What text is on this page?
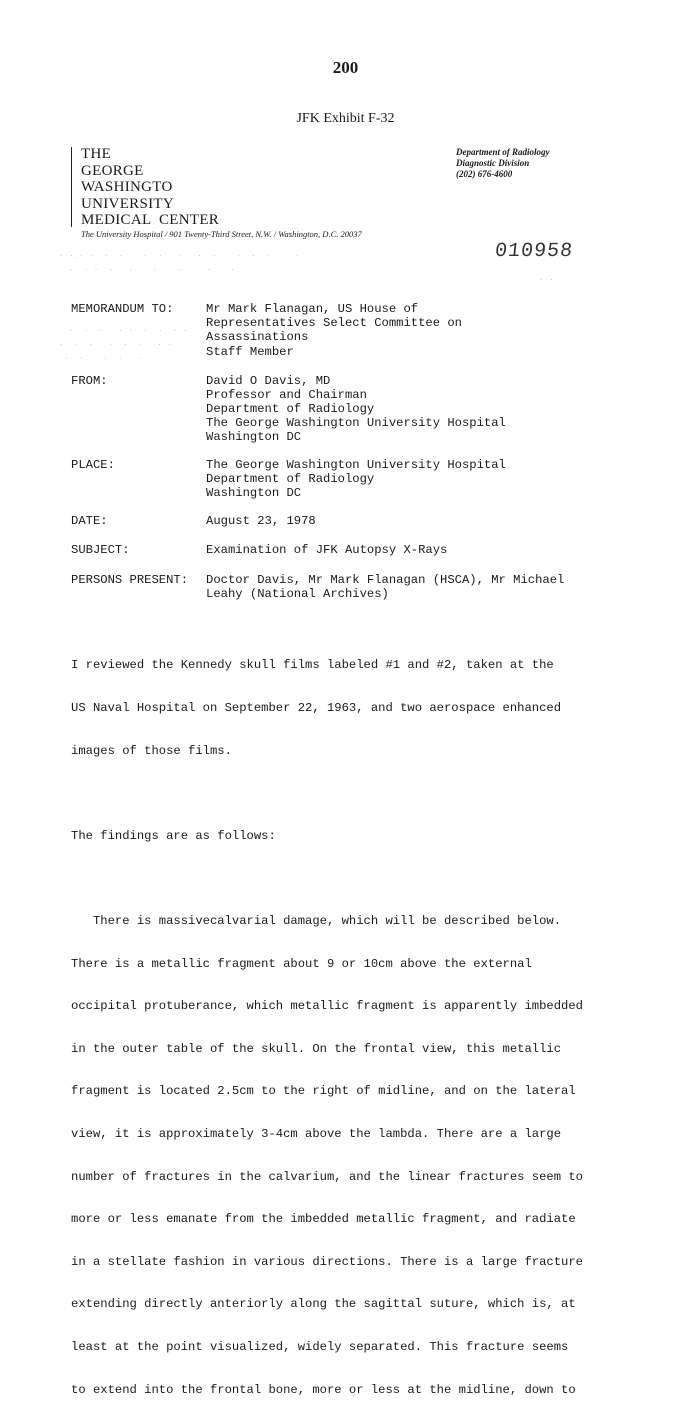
200
JFK Exhibit F-32
THE
GEORGE
WASHINGTO
UNIVERSITY
MEDICAL  CENTER
The University Hospital / 901 Twenty-Third Street, N.W. / Washington, D.C. 20037
Department of Radiology
Diagnostic Division
(202) 676-4600
010958
· ·.· ·  ·  ·    ·  ·   ·   ·  ·    ·  ·  ·     ·
·  · ·  ·   ·    ·    ·     ·    ·
·  ·  ·   · ·  ·  ·  · ·
·  ·  ·   ·  ·  ·   · ·
·  ·    ·  ·   ·
· ·

MEMORANDUM TO:

	Mr Mark Flanagan, US House of

Representatives Select Committee on

Assassinations

Staff Member

FROM:

	David O Davis, MD

Professor and Chairman

Department of Radiology

The George Washington University Hospital

Washington DC

PLACE:

	The George Washington University Hospital

Department of Radiology

Washington DC

DATE:

	August 23, 1978

SUBJECT:

	Examination of JFK Autopsy X-Rays

PERSONS PRESENT:

Doctor Davis, Mr Mark Flanagan (HSCA), Mr Michael

Leahy (National Archives)

I reviewed the Kennedy skull films labeled #1 and #2, taken at the

US Naval Hospital on September 22, 1963, and two aerospace enhanced

images of those films.

The findings are as follows:

There is massivecalvarial damage, which will be described below.

There is a metallic fragment about 9 or 10cm above the external

occipital protuberance, which metallic fragment is apparently imbedded

in the outer table of the skull. On the frontal view, this metallic

fragment is located 2.5cm to the right of midline, and on the lateral

view, it is approximately 3-4cm above the lambda. There are a large

number of fractures in the calvarium, and the linear fractures seem to

more or less emanate from the imbedded metallic fragment, and radiate

in a stellate fashion in various directions. There is a large fracture

extending directly anteriorly along the sagittal suture, which is, at

least at the point visualized, widely separated. This fracture seems

to extend into the frontal bone, more or less at the midline, down to
